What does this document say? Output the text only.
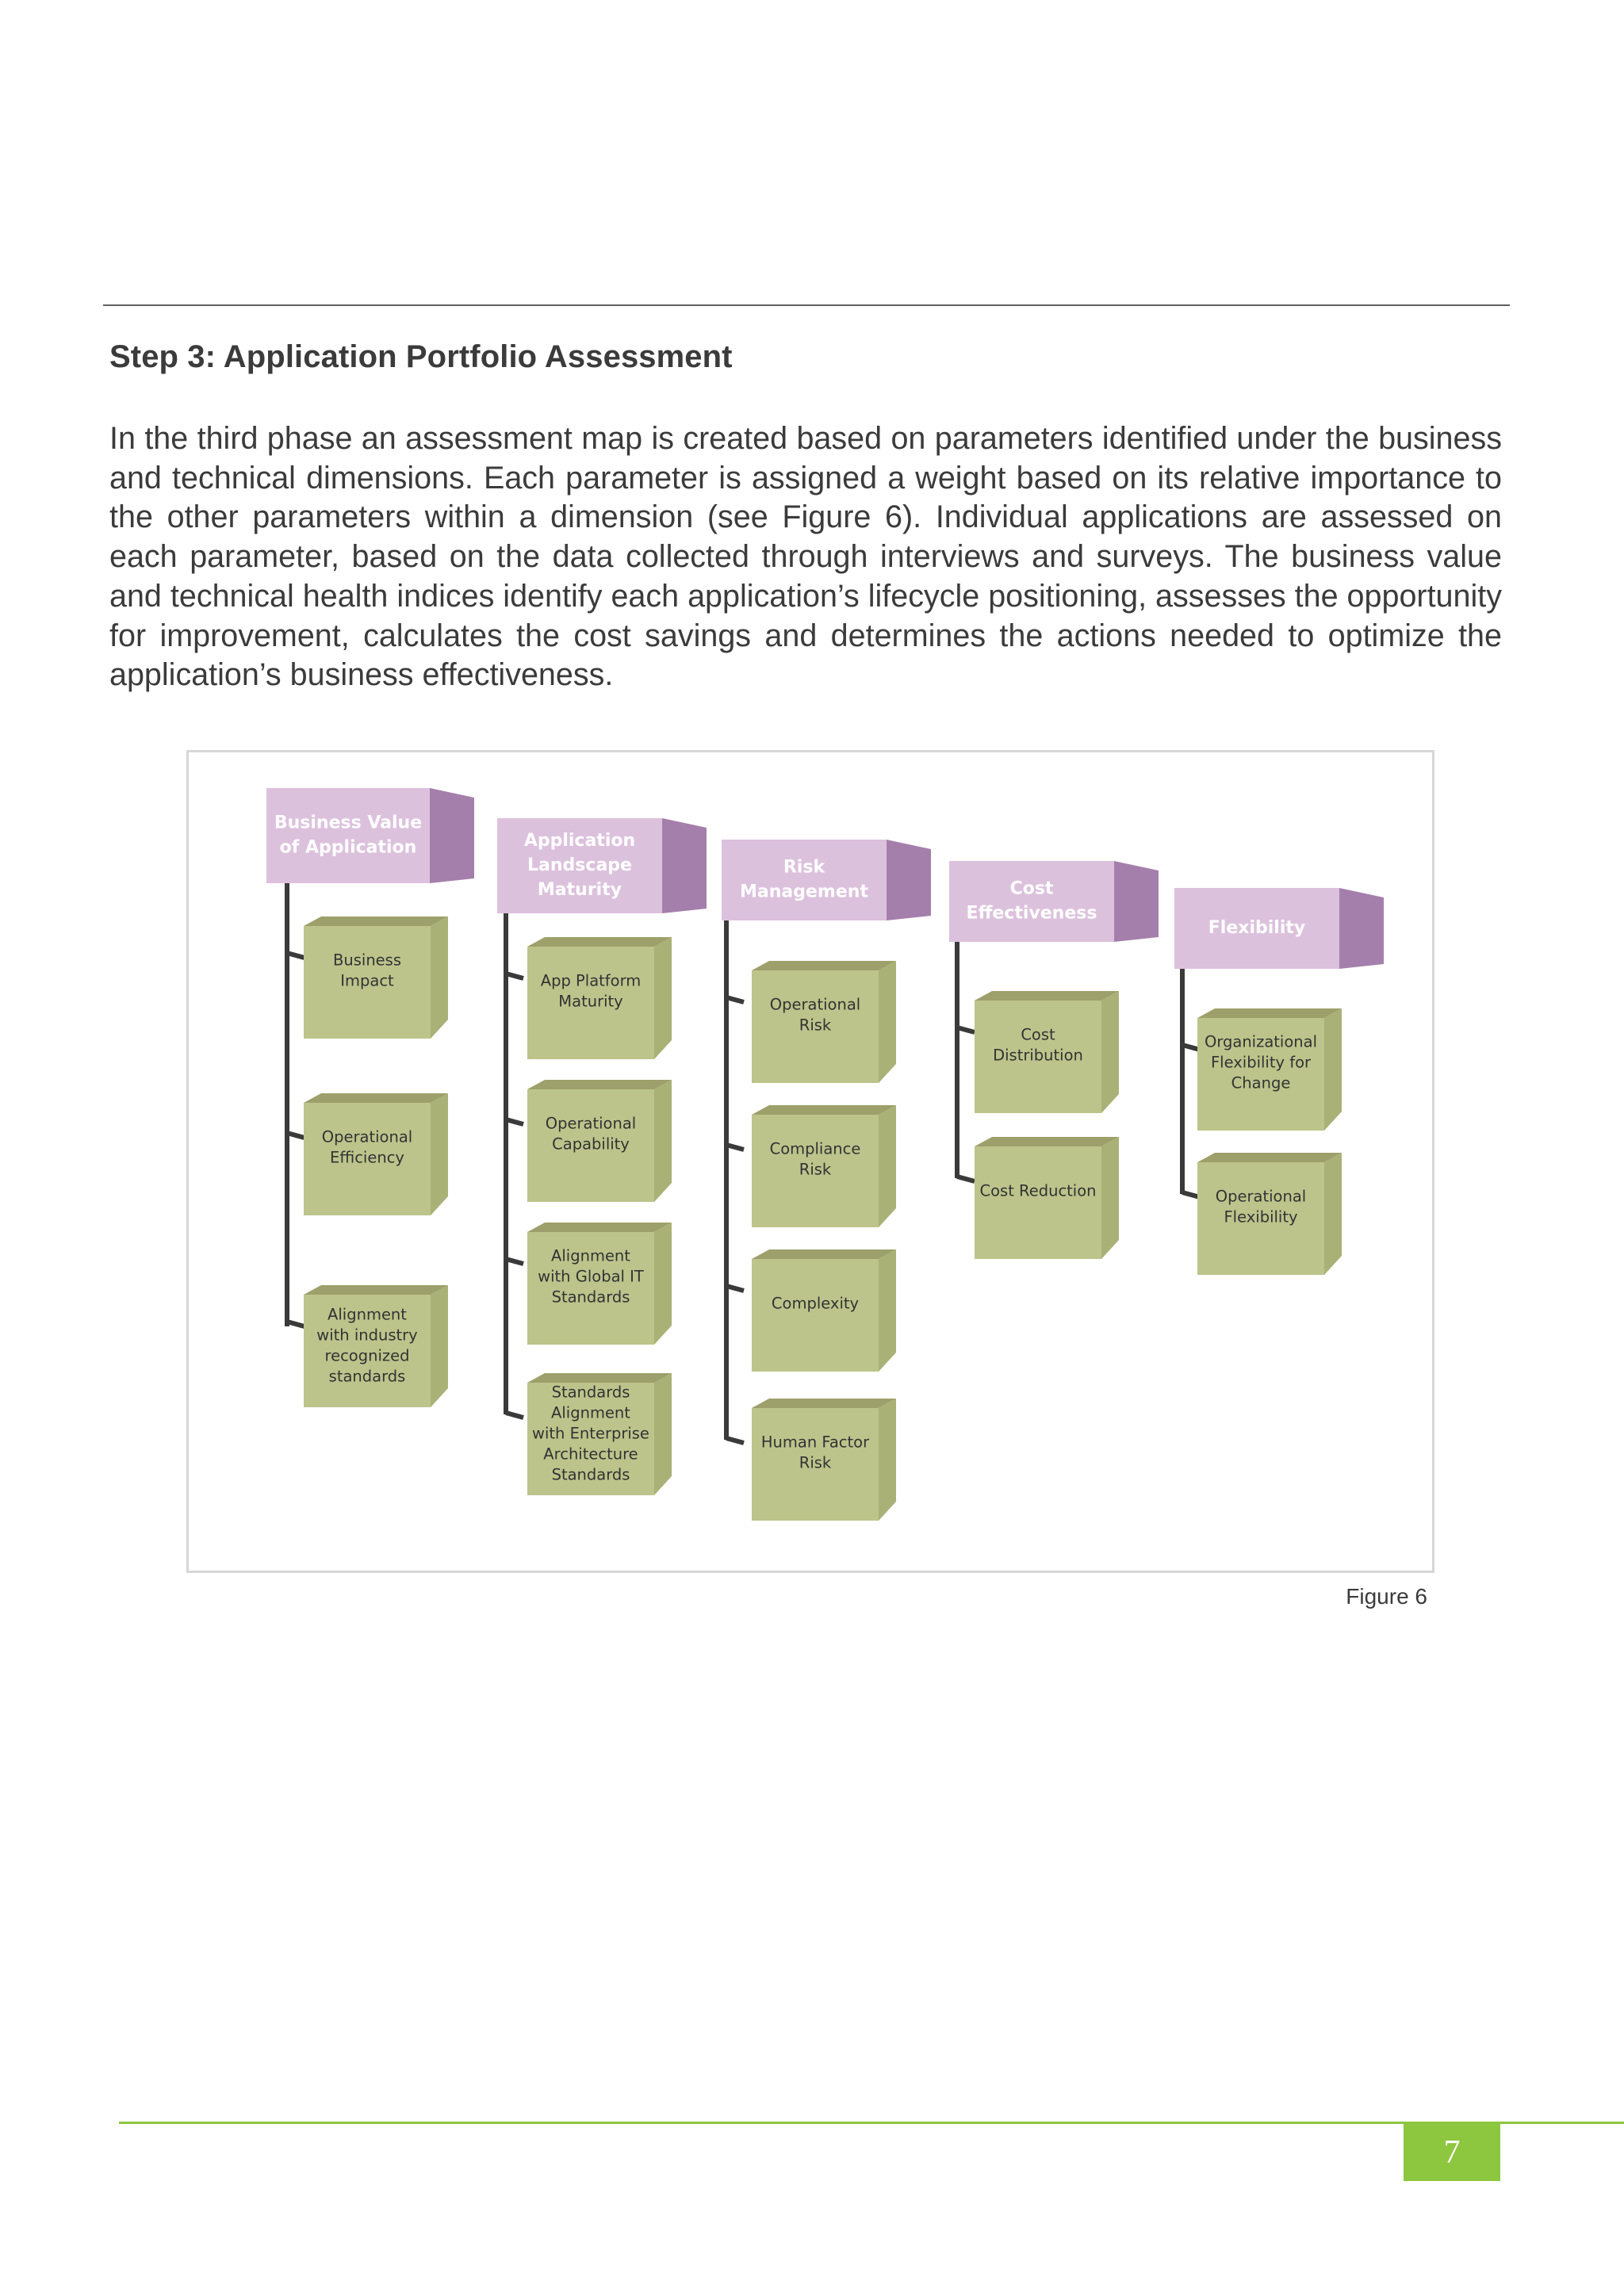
Step 3: Application Portfolio Assessment

In the third phase an assessment map is created based on parameters identified under the business and technical dimensions. Each parameter is assigned a weight based on its relative importance to the other parameters within a dimension (see Figure 6). Individual applications are assessed on each parameter, based on the data collected through interviews and surveys. The business value and technical health indices identify each application’s lifecycle positioning, assesses the opportunity for improvement, calculates the cost savings and determines the actions needed to optimize the application’s business effectiveness.

Business Value of Application
Business Impact
Operational Efficiency
Alignment with industry recognized standards
Application Landscape Maturity
App Platform Maturity
Operational Capability
Alignment with Global IT Standards
Standards Alignment with Enterprise Architecture Standards
Risk Management
Operational Risk
Compliance Risk
Complexity
Human Factor Risk
Cost Effectiveness
Cost Distribution
Cost Reduction
Flexibility
Organizational Flexibility for Change
Operational Flexibility
Figure 6
7
